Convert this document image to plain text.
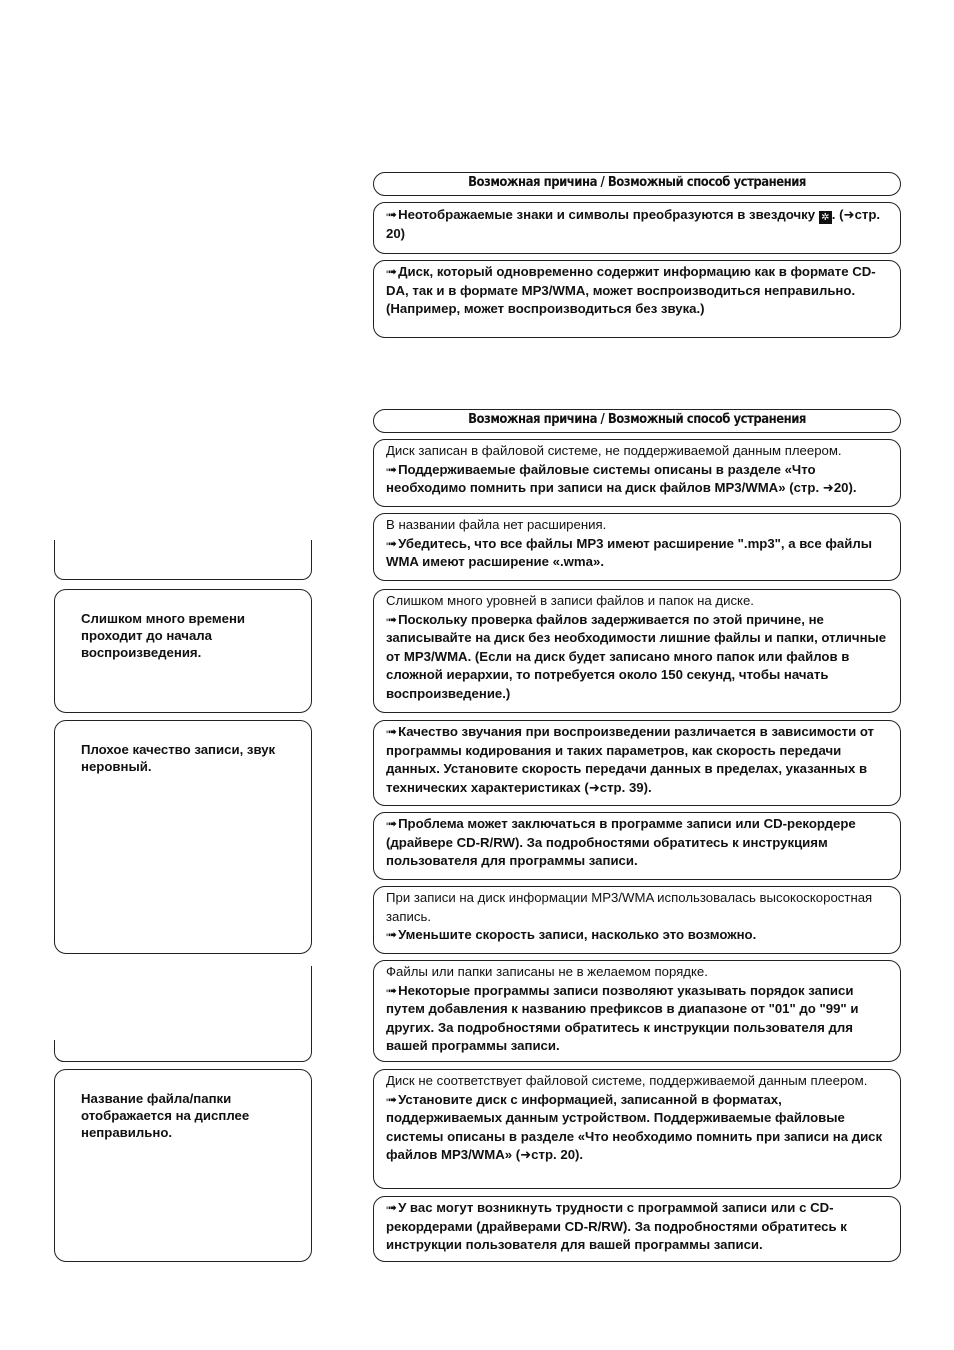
Возможная причина / Возможный способ устранения
➟Неотображаемые знаки и символы преобразуются в звездочку ✲ . (➜стр. 20)
➟Диск, который одновременно содержит информацию как в формате CD-DA, так и в формате MP3/WMA, может воспроизводиться неправильно. (Например, может воспроизводиться без звука.)
Возможная причина / Возможный способ устранения
Диск записан в файловой системе, не поддерживаемой данным плеером.
➟Поддерживаемые файловые системы описаны в разделе «Что необходимо помнить при записи на диск файлов MP3/WMA» (стр. ➜20).
В названии файла нет расширения.
➟Убедитесь, что все файлы MP3 имеют расширение ".mp3", а все файлы WMA имеют расширение «.wma».
Слишком много уровней в записи файлов и папок на диске.
➟Поскольку проверка файлов задерживается по этой причине, не записывайте на диск без необходимости лишние файлы и папки, отличные от MP3/WMA. (Если на диск будет записано много папок или файлов в сложной иерархии, то потребуется около 150 секунд, чтобы начать воспроизведение.)
➟Качество звучания при воспроизведении различается в зависимости от программы кодирования и таких параметров, как скорость передачи данных. Установите скорость передачи данных в пределах, указанных в технических характеристиках (➜стр. 39).
➟Проблема может заключаться в программе записи или CD-рекордере (драйвере CD-R/RW). За подробностями обратитесь к инструкциям пользователя для программы записи.
При записи на диск информации MP3/WMA использовалась высокоскоростная запись.
➟Уменьшите скорость записи, насколько это возможно.
Файлы или папки записаны не в желаемом порядке.
➟Некоторые программы записи позволяют указывать порядок записи путем добавления к названию префиксов в диапазоне от "01" до "99" и других. За подробностями обратитесь к инструкции пользователя для вашей программы записи.
Диск не соответствует файловой системе, поддерживаемой данным плеером.
➟Установите диск с информацией, записанной в форматах, поддерживаемых данным устройством. Поддерживаемые файловые системы описаны в разделе «Что необходимо помнить при записи на диск файлов MP3/WMA» (➜стр. 20).
➟У вас могут возникнуть трудности с программой записи или с CD-рекордерами (драйверами CD-R/RW). За подробностями обратитесь к инструкции пользователя для вашей программы записи.
Слишком много времени проходит до начала воспроизведения.
Плохое качество записи, звук неровный.
Название файла/папки отображается на дисплее неправильно.
